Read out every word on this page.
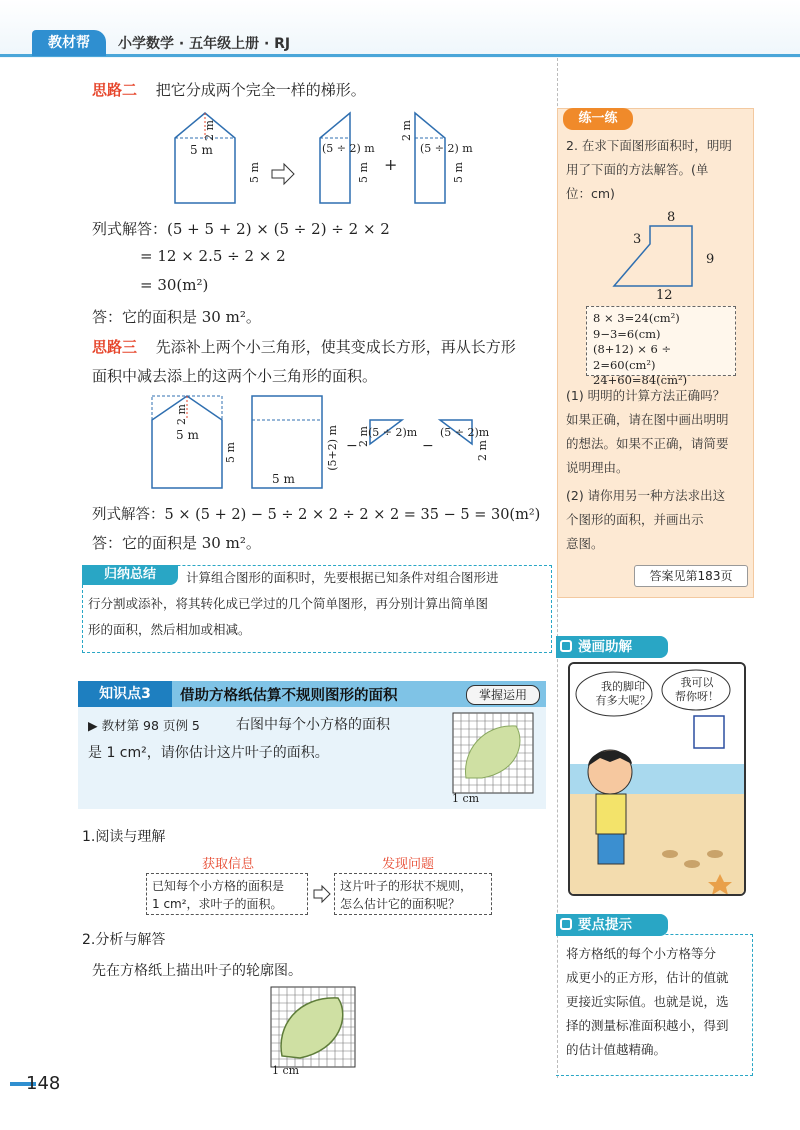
教材帮	小学数学 · 五年级上册 · RJ
思路二 把它分成两个完全一样的梯形。
2 m
5 m
5 m
(5 ÷ 2) m
2 m
(5 ÷ 2) m
+
5 m	5 m
列式解答：(5 + 5 + 2) × (5 ÷ 2) ÷ 2 × 2
= 12 × 2.5 ÷ 2 × 2
= 30(m²)
答：它的面积是 30 m²。
思路三 先添补上两个小三角形，使其变成长方形，再从长方形
面积中减去添上的这两个小三角形的面积。
2 m
5 m
5 m
5 m
(5+2) m −
(5 ÷ 2)m
2 m	−
(5 ÷ 2)m
2 m
列式解答：5 × (5 + 2) − 5 ÷ 2 × 2 ÷ 2 × 2 = 35 − 5 = 30(m²)
答：它的面积是 30 m²。
归纳总结	计算组合图形的面积时，先要根据已知条件对组合图形进
行分割或添补，将其转化成已学过的几个简单图形，再分别计算出简单图
形的面积，然后相加或相减。
知识点3	借助方格纸估算不规则图形的面积	掌握运用
▶ 教材第 98 页例 5	右图中每个小方格的面积
是 1 cm²，请你估计这片叶子的面积。
1 cm
1.阅读与理解
获取信息	发现问题
已知每个小方格的面积是
1 cm²，求叶子的面积。
这片叶子的形状不规则，
怎么估计它的面积呢？
2.分析与解答
先在方格纸上描出叶子的轮廓图。
1 cm
练一练
2. 在求下面图形面积时，明明
用了下面的方法解答。(单
位：cm)
8
3
9
12
8 × 3=24(cm²)
9−3=6(cm)
(8+12) × 6 ÷ 2=60(cm²)
24+60=84(cm²)
(1) 明明的计算方法正确吗？
如果正确，请在图中画出明明
的想法。如果不正确，请简要
说明理由。
(2) 请你用另一种方法求出这
个图形的面积，并画出示
意图。
答案见第183页
漫画助解
我的脚印
有多大呢？
我可以
帮你呀！
要点提示
将方格纸的每个小方格等分
成更小的正方形，估计的值就
更接近实际值。也就是说，选
择的测量标准面积越小，得到
的估计值越精确。
148
